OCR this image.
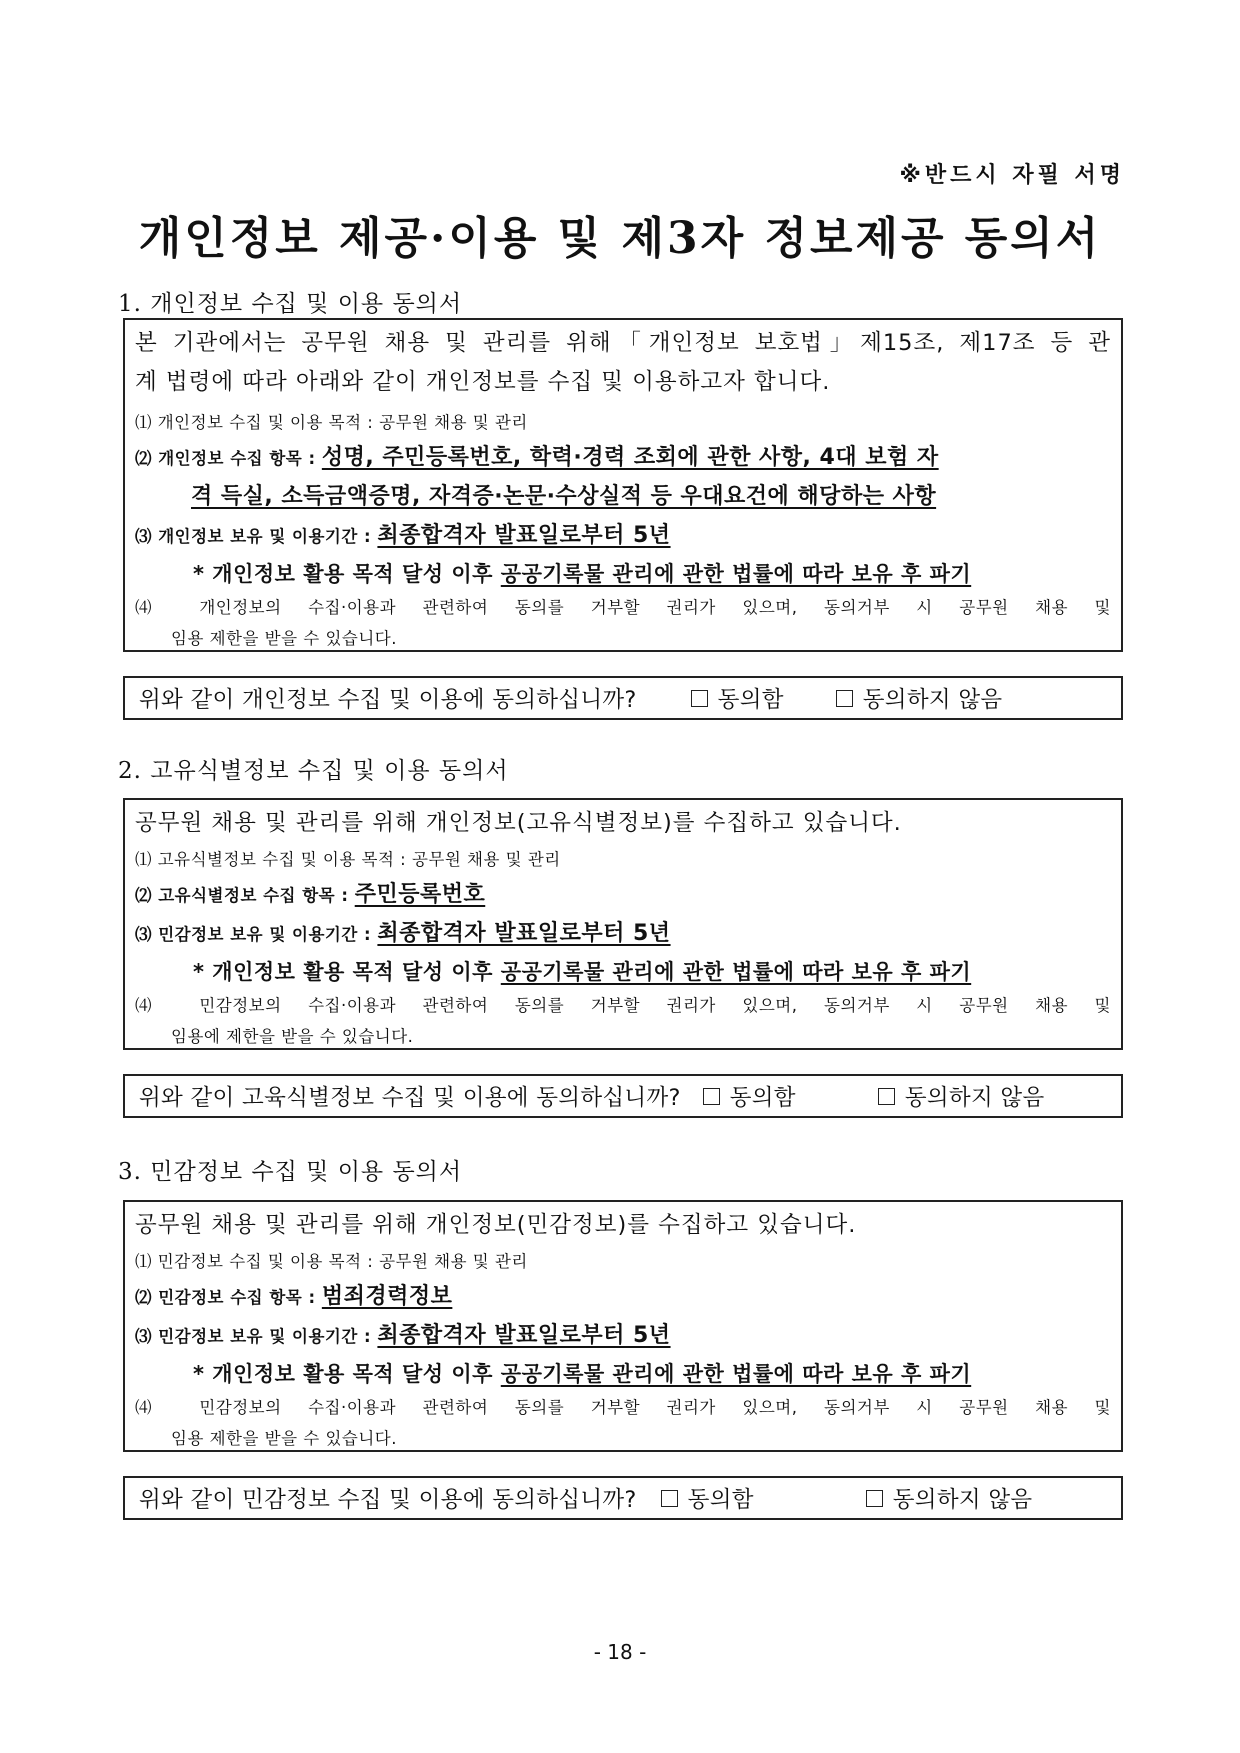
※반드시 자필 서명
개인정보 제공·이용 및 제3자 정보제공 동의서
1. 개인정보 수집 및 이용 동의서
본 기관에서는 공무원 채용 및 관리를 위해「개인정보 보호법」제15조, 제17조 등 관
계 법령에 따라 아래와 같이 개인정보를 수집 및 이용하고자 합니다.
⑴ 개인정보 수집 및 이용 목적 : 공무원 채용 및 관리
⑵ 개인정보 수집 항목 : 성명, 주민등록번호, 학력·경력 조회에 관한 사항, 4대 보험 자
격 득실, 소득금액증명, 자격증·논문·수상실적 등 우대요건에 해당하는 사항
⑶ 개인정보 보유 및 이용기간 : 최종합격자 발표일로부터 5년
* 개인정보 활용 목적 달성 이후 공공기록물 관리에 관한 법률에 따라 보유 후 파기
⑷ 개인정보의 수집·이용과 관련하여 동의를 거부할 권리가 있으며, 동의거부 시 공무원 채용 및
임용 제한을 받을 수 있습니다.
위와 같이 개인정보 수집 및 이용에 동의하십니까?	동의함	동의하지 않음
2. 고유식별정보 수집 및 이용 동의서
공무원 채용 및 관리를 위해 개인정보(고유식별정보)를 수집하고 있습니다.
⑴ 고유식별정보 수집 및 이용 목적 : 공무원 채용 및 관리
⑵ 고유식별정보 수집 항목 : 주민등록번호
⑶ 민감정보 보유 및 이용기간 : 최종합격자 발표일로부터 5년
* 개인정보 활용 목적 달성 이후 공공기록물 관리에 관한 법률에 따라 보유 후 파기
⑷ 민감정보의 수집·이용과 관련하여 동의를 거부할 권리가 있으며, 동의거부 시 공무원 채용 및
임용에 제한을 받을 수 있습니다.
위와 같이 고육식별정보 수집 및 이용에 동의하십니까? 동의함	동의하지 않음
3. 민감정보 수집 및 이용 동의서
공무원 채용 및 관리를 위해 개인정보(민감정보)를 수집하고 있습니다.
⑴ 민감정보 수집 및 이용 목적 : 공무원 채용 및 관리
⑵ 민감정보 수집 항목 : 범죄경력정보
⑶ 민감정보 보유 및 이용기간 : 최종합격자 발표일로부터 5년
* 개인정보 활용 목적 달성 이후 공공기록물 관리에 관한 법률에 따라 보유 후 파기
⑷ 민감정보의 수집·이용과 관련하여 동의를 거부할 권리가 있으며, 동의거부 시 공무원 채용 및
임용 제한을 받을 수 있습니다.
위와 같이 민감정보 수집 및 이용에 동의하십니까? 동의함	동의하지 않음
- 18 -
